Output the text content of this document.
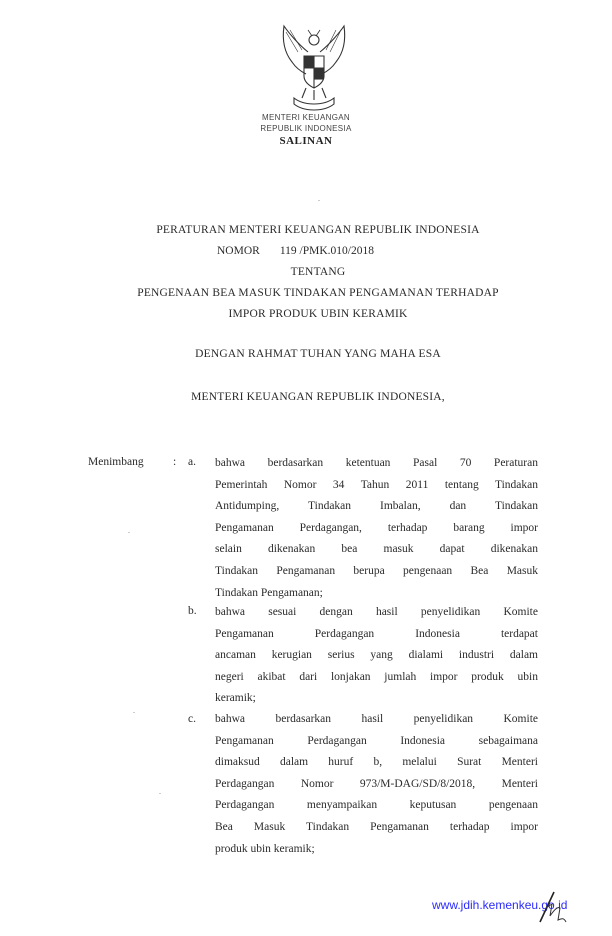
MENTERI KEUANGAN
REPUBLIK INDONESIA
SALINAN
PERATURAN MENTERI KEUANGAN REPUBLIK INDONESIA
NOMOR 119 /PMK.010/2018
TENTANG
PENGENAAN BEA MASUK TINDAKAN PENGAMANAN TERHADAP
IMPOR PRODUK UBIN KERAMIK
DENGAN RAHMAT TUHAN YANG MAHA ESA
MENTERI KEUANGAN REPUBLIK INDONESIA,
Menimbang	: a. bahwa berdasarkan ketentuan Pasal 70 Peraturan
Pemerintah Nomor 34 Tahun 2011 tentang Tindakan
Antidumping, Tindakan Imbalan, dan Tindakan
Pengamanan Perdagangan, terhadap barang impor
selain dikenakan bea masuk dapat dikenakan
Tindakan Pengamanan berupa pengenaan Bea Masuk
Tindakan Pengamanan;
b. bahwa sesuai dengan hasil penyelidikan Komite
Pengamanan Perdagangan Indonesia terdapat
ancaman kerugian serius yang dialami industri dalam
negeri akibat dari lonjakan jumlah impor produk ubin
keramik;
c. bahwa berdasarkan hasil penyelidikan Komite
Pengamanan Perdagangan Indonesia sebagaimana
dimaksud dalam huruf b, melalui Surat Menteri
Perdagangan Nomor 973/M-DAG/SD/8/2018, Menteri
Perdagangan menyampaikan keputusan pengenaan
Bea Masuk Tindakan Pengamanan terhadap impor
produk ubin keramik;
www.jdih.kemenkeu.go.id
